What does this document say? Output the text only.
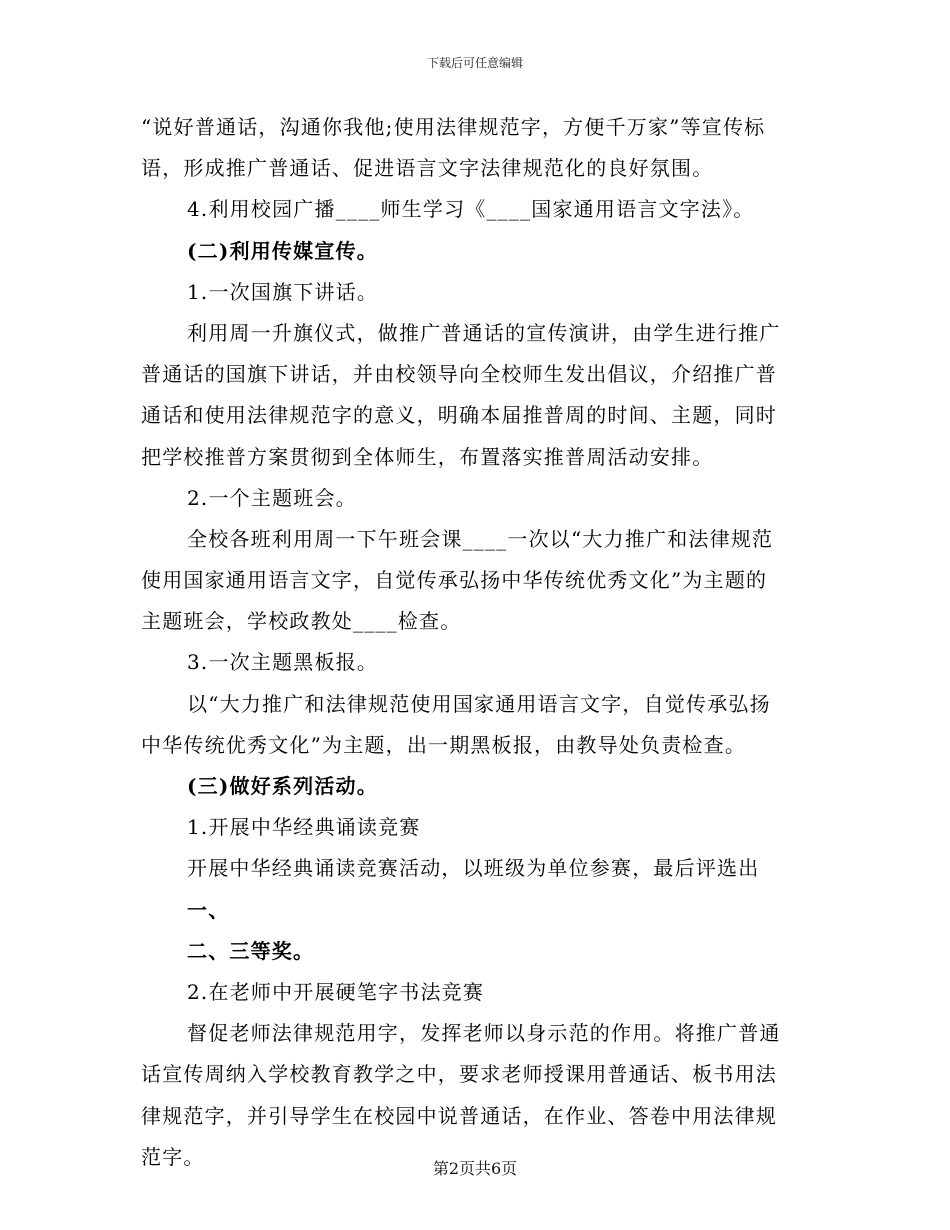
下载后可任意编辑
“说好普通话，沟通你我他;使用法律规范字，方便千万家”等宣传标
语，形成推广普通话、促进语言文字法律规范化的良好氛围。
4.利用校园广播____师生学习《____国家通用语言文字法》。
(二)利用传媒宣传。
1.一次国旗下讲话。
利用周一升旗仪式，做推广普通话的宣传演讲，由学生进行推广
普通话的国旗下讲话，并由校领导向全校师生发出倡议，介绍推广普
通话和使用法律规范字的意义，明确本届推普周的时间、主题，同时
把学校推普方案贯彻到全体师生，布置落实推普周活动安排。
2.一个主题班会。
全校各班利用周一下午班会课____一次以“大力推广和法律规范
使用国家通用语言文字，自觉传承弘扬中华传统优秀文化”为主题的
主题班会，学校政教处____检查。
3.一次主题黑板报。
以“大力推广和法律规范使用国家通用语言文字，自觉传承弘扬
中华传统优秀文化”为主题，出一期黑板报，由教导处负责检查。
(三)做好系列活动。
1.开展中华经典诵读竞赛
开展中华经典诵读竞赛活动，以班级为单位参赛，最后评选出
一、
二、三等奖。
2.在老师中开展硬笔字书法竞赛
督促老师法律规范用字，发挥老师以身示范的作用。将推广普通
话宣传周纳入学校教育教学之中，要求老师授课用普通话、板书用法
律规范字，并引导学生在校园中说普通话，在作业、答卷中用法律规
范字。	第2页共6页
